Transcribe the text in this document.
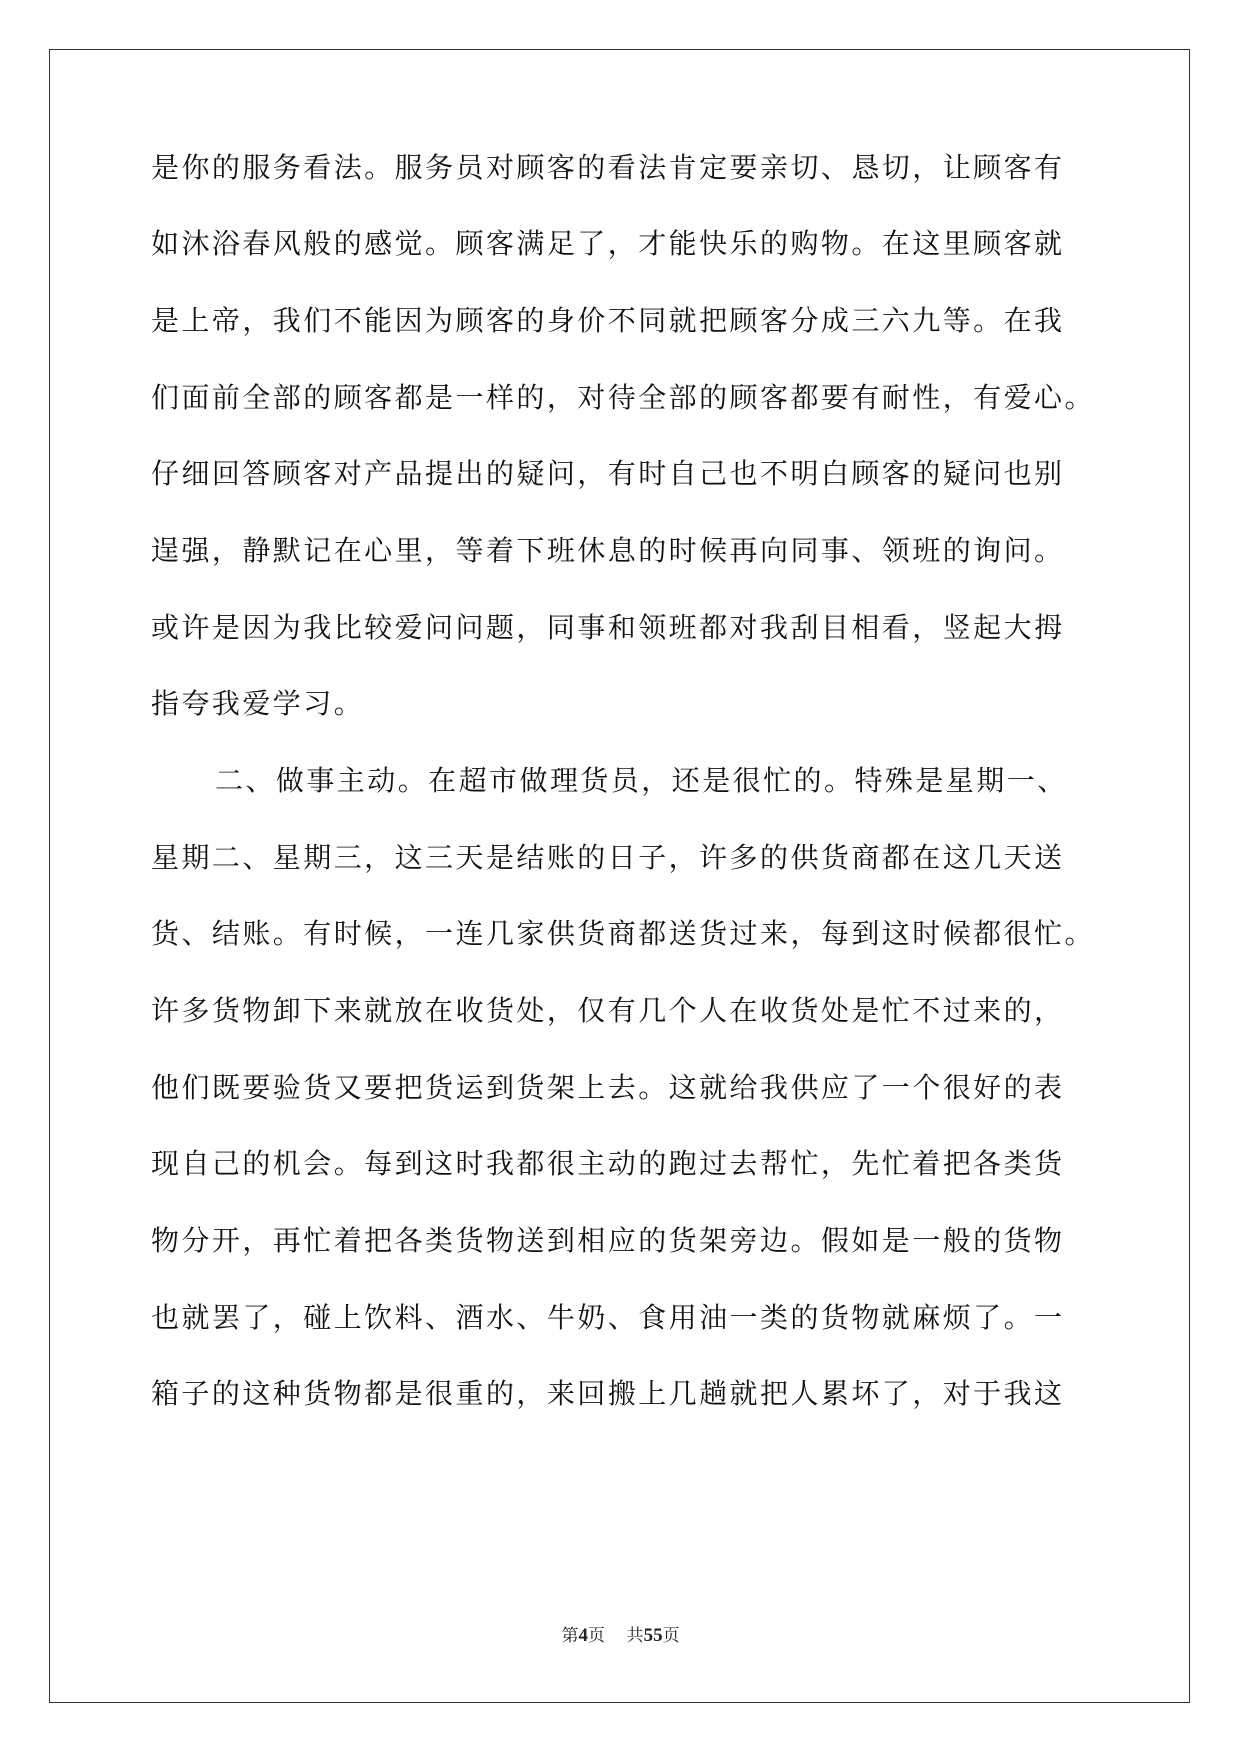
是你的服务看法。服务员对顾客的看法肯定要亲切、恳切，让顾客有
如沐浴春风般的感觉。顾客满足了，才能快乐的购物。在这里顾客就
是上帝，我们不能因为顾客的身价不同就把顾客分成三六九等。在我
们面前全部的顾客都是一样的，对待全部的顾客都要有耐性，有爱心。
仔细回答顾客对产品提出的疑问，有时自己也不明白顾客的疑问也别
逞强，静默记在心里，等着下班休息的时候再向同事、领班的询问。
或许是因为我比较爱问问题，同事和领班都对我刮目相看，竖起大拇
指夸我爱学习。
二、做事主动。在超市做理货员，还是很忙的。特殊是星期一、
星期二、星期三，这三天是结账的日子，许多的供货商都在这几天送
货、结账。有时候，一连几家供货商都送货过来，每到这时候都很忙。
许多货物卸下来就放在收货处，仅有几个人在收货处是忙不过来的，
他们既要验货又要把货运到货架上去。这就给我供应了一个很好的表
现自己的机会。每到这时我都很主动的跑过去帮忙，先忙着把各类货
物分开，再忙着把各类货物送到相应的货架旁边。假如是一般的货物
也就罢了，碰上饮料、酒水、牛奶、食用油一类的货物就麻烦了。一
箱子的这种货物都是很重的，来回搬上几趟就把人累坏了，对于我这
第4页    共55页
